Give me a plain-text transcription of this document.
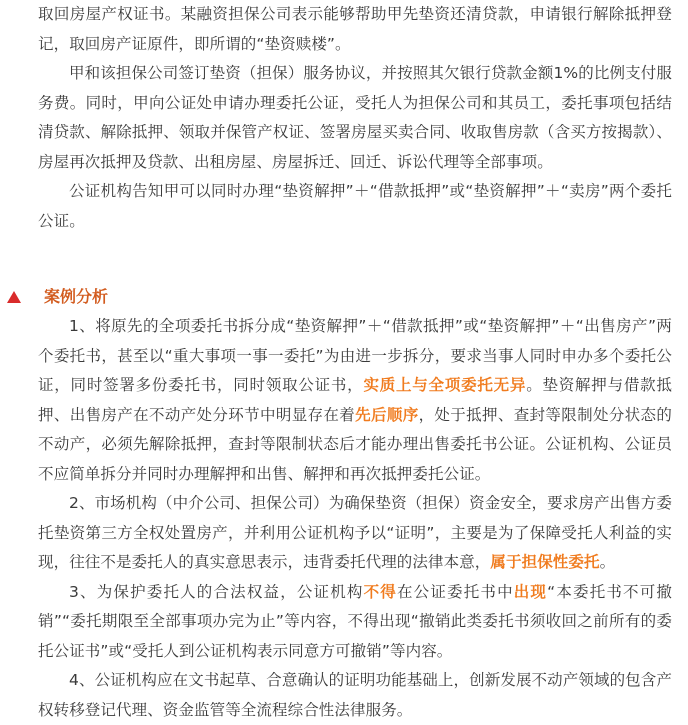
取回房屋产权证书。某融资担保公司表示能够帮助甲先垫资还清贷款，申请银行解除抵押登记，取回房产证原件，即所谓的“垫资赎楼”。

甲和该担保公司签订垫资（担保）服务协议，并按照其欠银行贷款金额1%的比例支付服务费。同时，甲向公证处申请办理委托公证，受托人为担保公司和其员工，委托事项包括结清贷款、解除抵押、领取并保管产权证、签署房屋买卖合同、收取售房款（含买方按揭款）、房屋再次抵押及贷款、出租房屋、房屋拆迁、回迁、诉讼代理等全部事项。

公证机构告知甲可以同时办理“垫资解押”＋“借款抵押”或“垫资解押”＋“卖房”两个委托公证。

案例分析

1、将原先的全项委托书拆分成“垫资解押”＋“借款抵押”或“垫资解押”＋“出售房产”两个委托书，甚至以“重大事项一事一委托”为由进一步拆分，要求当事人同时申办多个委托公证，同时签署多份委托书，同时领取公证书，实质上与全项委托无异。垫资解押与借款抵押、出售房产在不动产处分环节中明显存在着先后顺序，处于抵押、查封等限制处分状态的不动产，必须先解除抵押，查封等限制状态后才能办理出售委托书公证。公证机构、公证员不应简单拆分并同时办理解押和出售、解押和再次抵押委托公证。

2、市场机构（中介公司、担保公司）为确保垫资（担保）资金安全，要求房产出售方委托垫资第三方全权处置房产，并利用公证机构予以“证明”，主要是为了保障受托人利益的实现，往往不是委托人的真实意思表示，违背委托代理的法律本意，属于担保性委托。

3、为保护委托人的合法权益，公证机构不得在公证委托书中出现“本委托书不可撤销”“委托期限至全部事项办完为止”等内容，不得出现“撤销此类委托书须收回之前所有的委托公证书”或“受托人到公证机构表示同意方可撤销”等内容。

4、公证机构应在文书起草、合意确认的证明功能基础上，创新发展不动产领域的包含产权转移登记代理、资金监管等全流程综合性法律服务。
